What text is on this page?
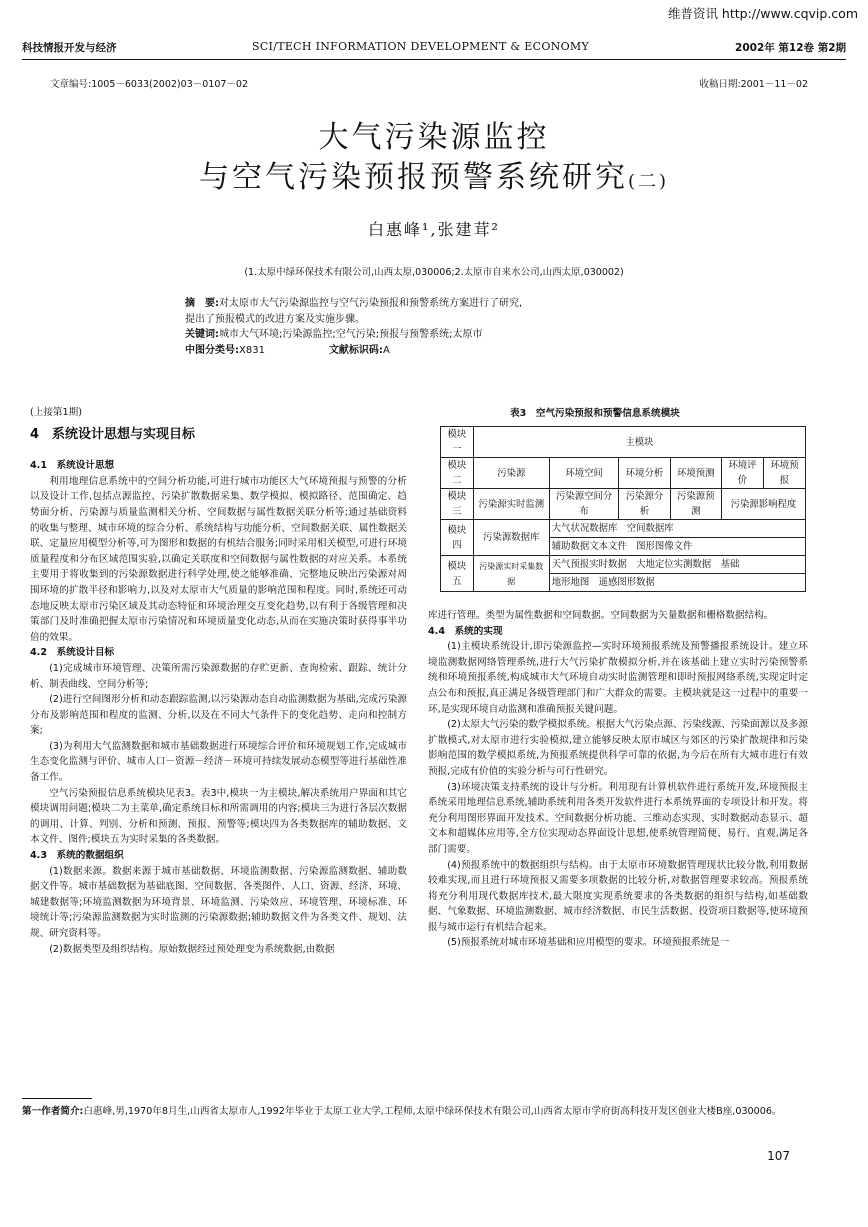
维普资讯 http://www.cqvip.com
科技情报开发与经济	SCI/TECH INFORMATION DEVELOPMENT & ECONOMY	2002年 第12卷 第2期
文章编号:1005－6033(2002)03－0107－02	收稿日期:2001－11－02
大气污染源监控
与空气污染预报预警系统研究(二)
白惠峰¹,张建茸²
(1.太原中绿环保技术有限公司,山西太原,030006;2.太原市自来水公司,山西太原,030002)
摘　要:对太原市大气污染源监控与空气污染预报和预警系统方案进行了研究,
提出了预报模式的改进方案及实施步骤。
关键词:城市大气环境;污染源监控;空气污染;预报与预警系统;太原市
中图分类号:X831	文献标识码:A

(上接第1期)

4　系统设计思想与实现目标

4.1　系统设计思想

利用地理信息系统中的空间分析功能,可进行城市功能区大气环境预报与预警的分析以及设计工作,包括点源监控、污染扩散数据采集、数学模拟、模拟路径、范围确定、趋势面分析、污染源与质量监测相关分析、空间数据与属性数据关联分析等;通过基础资料的收集与整理、城市环境的综合分析、系统结构与功能分析、空间数据关联、属性数据关联、定量应用模型分析等,可为图形和数据的有机结合服务;同时采用相关模型,可进行环境质量程度和分布区域范围实验,以确定关联度和空间数据与属性数据的对应关系。本系统主要用于将收集到的污染源数据进行科学处理,使之能够准确、完整地反映出污染源对周围环境的扩散半径和影响力,以及对太原市大气质量的影响范围和程度。同时,系统还可动态地反映太原市污染区域及其动态特征和环境治理交互变化趋势,以有利于各级管理和决策部门及时准确把握太原市污染情况和环境质量变化动态,从而在实施决策时获得事半功倍的效果。

4.2　系统设计目标

(1)完成城市环境管理、决策所需污染源数据的存贮更新、查询检索、跟踪、统计分析、制表曲线、空间分析等;

(2)进行空间图形分析和动态跟踪监测,以污染源动态自动监测数据为基础,完成污染源分布及影响范围和程度的监测、分析,以及在不同大气条件下的变化趋势、走向和控制方案;

(3)为利用大气监测数据和城市基础数据进行环境综合评价和环境规划工作,完成城市生态变化监测与评价、城市人口－资源－经济－环境可持续发展动态模型等进行基础性准备工作。

空气污染预报信息系统模块见表3。表3中,模块一为主模块,解决系统用户界面和其它模块调用问题;模块二为主菜单,确定系统目标和所需调用的内容;模块三为进行各层次数据的调用、计算、判别、分析和预测、预报、预警等;模块四为各类数据库的辅助数据、文本文件、图件;模块五为实时采集的各类数据。

4.3　系统的数据组织

(1)数据来源。数据来源于城市基础数据、环境监测数据、污染源监测数据、辅助数据文件等。城市基础数据为基础底图、空间数据、各类图件、人口、资源、经济、环境、城建数据等;环境监测数据为环境背景、环境监测、污染效应、环境管理、环境标准、环境统计等;污染源监测数据为实时监测的污染源数据;辅助数据文件为各类文件、规划、法规、研究资料等。

(2)数据类型及组织结构。原始数据经过预处理变为系统数据,由数据

表3　空气污染预报和预警信息系统模块
模块一	主模块					
模块二	污染源	环境空间	环境分析	环境预测	环境评价	环境预报
模块三	污染源实时监测	污染源空间分布	污染源分析	污染源预测	污染源影响程度	
模块四	污染源数据库	大气状况数据库　空间数据库				
		辅助数据文本文件　图形图像文件				
模块五	污染源实时采集数据	天气预报实时数据　大地定位实测数据　基础				
		地形地图　遥感图形数据				

库进行管理。类型为属性数据和空间数据。空间数据为矢量数据和栅格数据结构。

4.4　系统的实现

(1)主模块系统设计,即污染源监控—实时环境预报系统及预警播报系统设计。建立环境监测数据网络管理系统,进行大气污染扩散模拟分析,并在该基础上建立实时污染预警系统和环境预报系统,构成城市大气环境自动实时监测管理和即时预报网络系统,实现定时定点公布和预报,真正满足各级管理部门和广大群众的需要。主模块就是这一过程中的重要一环,是实现环境自动监测和准确预报关键问题。

(2)太原大气污染的数学模拟系统。根据大气污染点源、污染线源、污染面源以及多源扩散模式,对太原市进行实验模拟,建立能够反映太原市城区与郊区的污染扩散规律和污染影响范围的数学模拟系统,为预报系统提供科学可靠的依据,为今后在所有大城市进行有效预报,完成有价值的实验分析与可行性研究。

(3)环境决策支持系统的设计与分析。利用现有计算机软件进行系统开发,环境预报主系统采用地理信息系统,辅助系统利用各类开发软件进行本系统界面的专项设计和开发。将充分利用图形界面开发技术、空间数据分析功能、三维动态实现、实时数据动态显示、超文本和超媒体应用等,全方位实现动态界面设计思想,使系统管理简便、易行、直观,满足各部门需要。

(4)预报系统中的数据组织与结构。由于太原市环境数据管理现状比较分散,利用数据较难实现,而且进行环境预报又需要多项数据的比较分析,对数据管理要求较高。预报系统将充分利用现代数据库技术,最大限度实现系统要求的各类数据的组织与结构,如基础数据、气象数据、环境监测数据、城市经济数据、市民生活数据、投资项目数据等,使环境预报与城市运行有机结合起来。

(5)预报系统对城市环境基础和应用模型的要求。环境预报系统是一

第一作者简介:白惠峰,男,1970年8月生,山西省太原市人,1992年毕业于太原工业大学,工程师,太原中绿环保技术有限公司,山西省太原市学府街高科技开发区创业大楼B座,030006。
107
